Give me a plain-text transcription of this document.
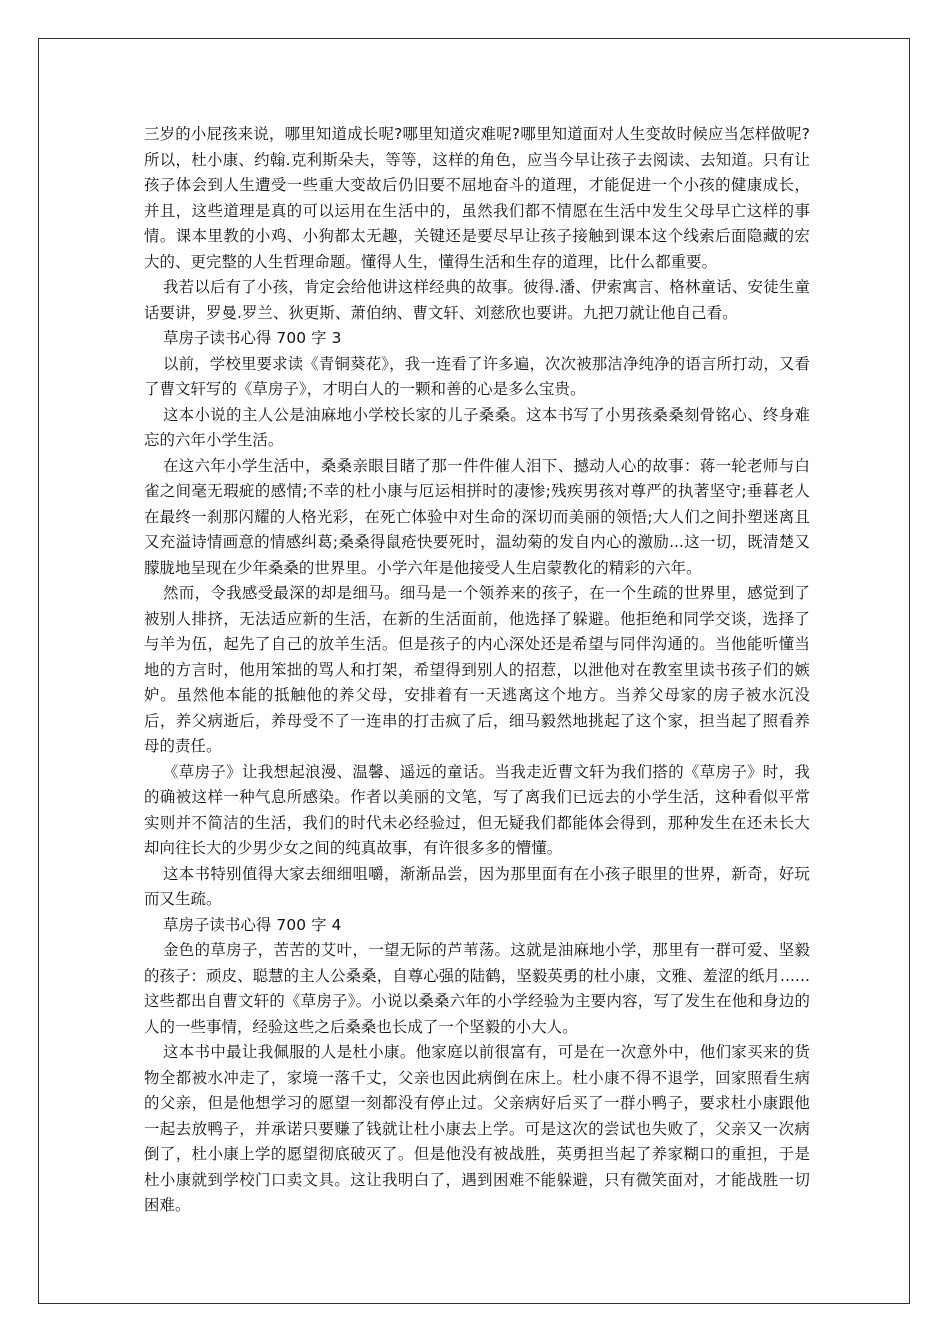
三岁的小屁孩来说，哪里知道成长呢?哪里知道灾难呢?哪里知道面对人生变故时候应当怎样做呢?所以，杜小康、约翰.克利斯朵夫，等等，这样的角色，应当今早让孩子去阅读、去知道。只有让孩子体会到人生遭受一些重大变故后仍旧要不屈地奋斗的道理，才能促进一个小孩的健康成长，并且，这些道理是真的可以运用在生活中的，虽然我们都不情愿在生活中发生父母早亡这样的事情。课本里教的小鸡、小狗都太无趣，关键还是要尽早让孩子接触到课本这个线索后面隐藏的宏大的、更完整的人生哲理命题。懂得人生，懂得生活和生存的道理，比什么都重要。

我若以后有了小孩，肯定会给他讲这样经典的故事。彼得.潘、伊索寓言、格林童话、安徒生童话要讲，罗曼.罗兰、狄更斯、萧伯纳、曹文轩、刘慈欣也要讲。九把刀就让他自己看。

草房子读书心得 700 字 3

以前，学校里要求读《青铜葵花》，我一连看了许多遍，次次被那洁净纯净的语言所打动，又看了曹文轩写的《草房子》，才明白人的一颗和善的心是多么宝贵。

这本小说的主人公是油麻地小学校长家的儿子桑桑。这本书写了小男孩桑桑刻骨铭心、终身难忘的六年小学生活。

在这六年小学生活中，桑桑亲眼目睹了那一件件催人泪下、撼动人心的故事：蒋一轮老师与白雀之间毫无瑕疵的感情;不幸的杜小康与厄运相拼时的凄惨;残疾男孩对尊严的执著坚守;垂暮老人在最终一刹那闪耀的人格光彩，在死亡体验中对生命的深切而美丽的领悟;大人们之间扑塑迷离且又充溢诗情画意的情感纠葛;桑桑得鼠疮快要死时，温幼菊的发自内心的激励...这一切，既清楚又朦胧地呈现在少年桑桑的世界里。小学六年是他接受人生启蒙教化的精彩的六年。

然而，令我感受最深的却是细马。细马是一个领养来的孩子，在一个生疏的世界里，感觉到了被别人排挤，无法适应新的生活，在新的生活面前，他选择了躲避。他拒绝和同学交谈，选择了与羊为伍，起先了自己的放羊生活。但是孩子的内心深处还是希望与同伴沟通的。当他能听懂当地的方言时，他用笨拙的骂人和打架，希望得到别人的招惹，以泄他对在教室里读书孩子们的嫉妒。虽然他本能的抵触他的养父母，安排着有一天逃离这个地方。当养父母家的房子被水沉没后，养父病逝后，养母受不了一连串的打击疯了后，细马毅然地挑起了这个家，担当起了照看养母的责任。

《草房子》让我想起浪漫、温馨、遥远的童话。当我走近曹文轩为我们搭的《草房子》时，我的确被这样一种气息所感染。作者以美丽的文笔，写了离我们已远去的小学生活，这种看似平常实则并不简洁的生活，我们的时代未必经验过，但无疑我们都能体会得到，那种发生在还未长大却向往长大的少男少女之间的纯真故事，有许很多多的懵懂。

这本书特别值得大家去细细咀嚼，渐渐品尝，因为那里面有在小孩子眼里的世界，新奇，好玩而又生疏。

草房子读书心得 700 字 4

金色的草房子，苦苦的艾叶，一望无际的芦苇荡。这就是油麻地小学，那里有一群可爱、坚毅的孩子：顽皮、聪慧的主人公桑桑，自尊心强的陆鹤，坚毅英勇的杜小康，文雅、羞涩的纸月......这些都出自曹文轩的《草房子》。小说以桑桑六年的小学经验为主要内容，写了发生在他和身边的人的一些事情，经验这些之后桑桑也长成了一个坚毅的小大人。

这本书中最让我佩服的人是杜小康。他家庭以前很富有，可是在一次意外中，他们家买来的货物全都被水冲走了，家境一落千丈，父亲也因此病倒在床上。杜小康不得不退学，回家照看生病的父亲，但是他想学习的愿望一刻都没有停止过。父亲病好后买了一群小鸭子，要求杜小康跟他一起去放鸭子，并承诺只要赚了钱就让杜小康去上学。可是这次的尝试也失败了，父亲又一次病倒了，杜小康上学的愿望彻底破灭了。但是他没有被战胜，英勇担当起了养家糊口的重担，于是杜小康就到学校门口卖文具。这让我明白了，遇到困难不能躲避，只有微笑面对，才能战胜一切困难。
